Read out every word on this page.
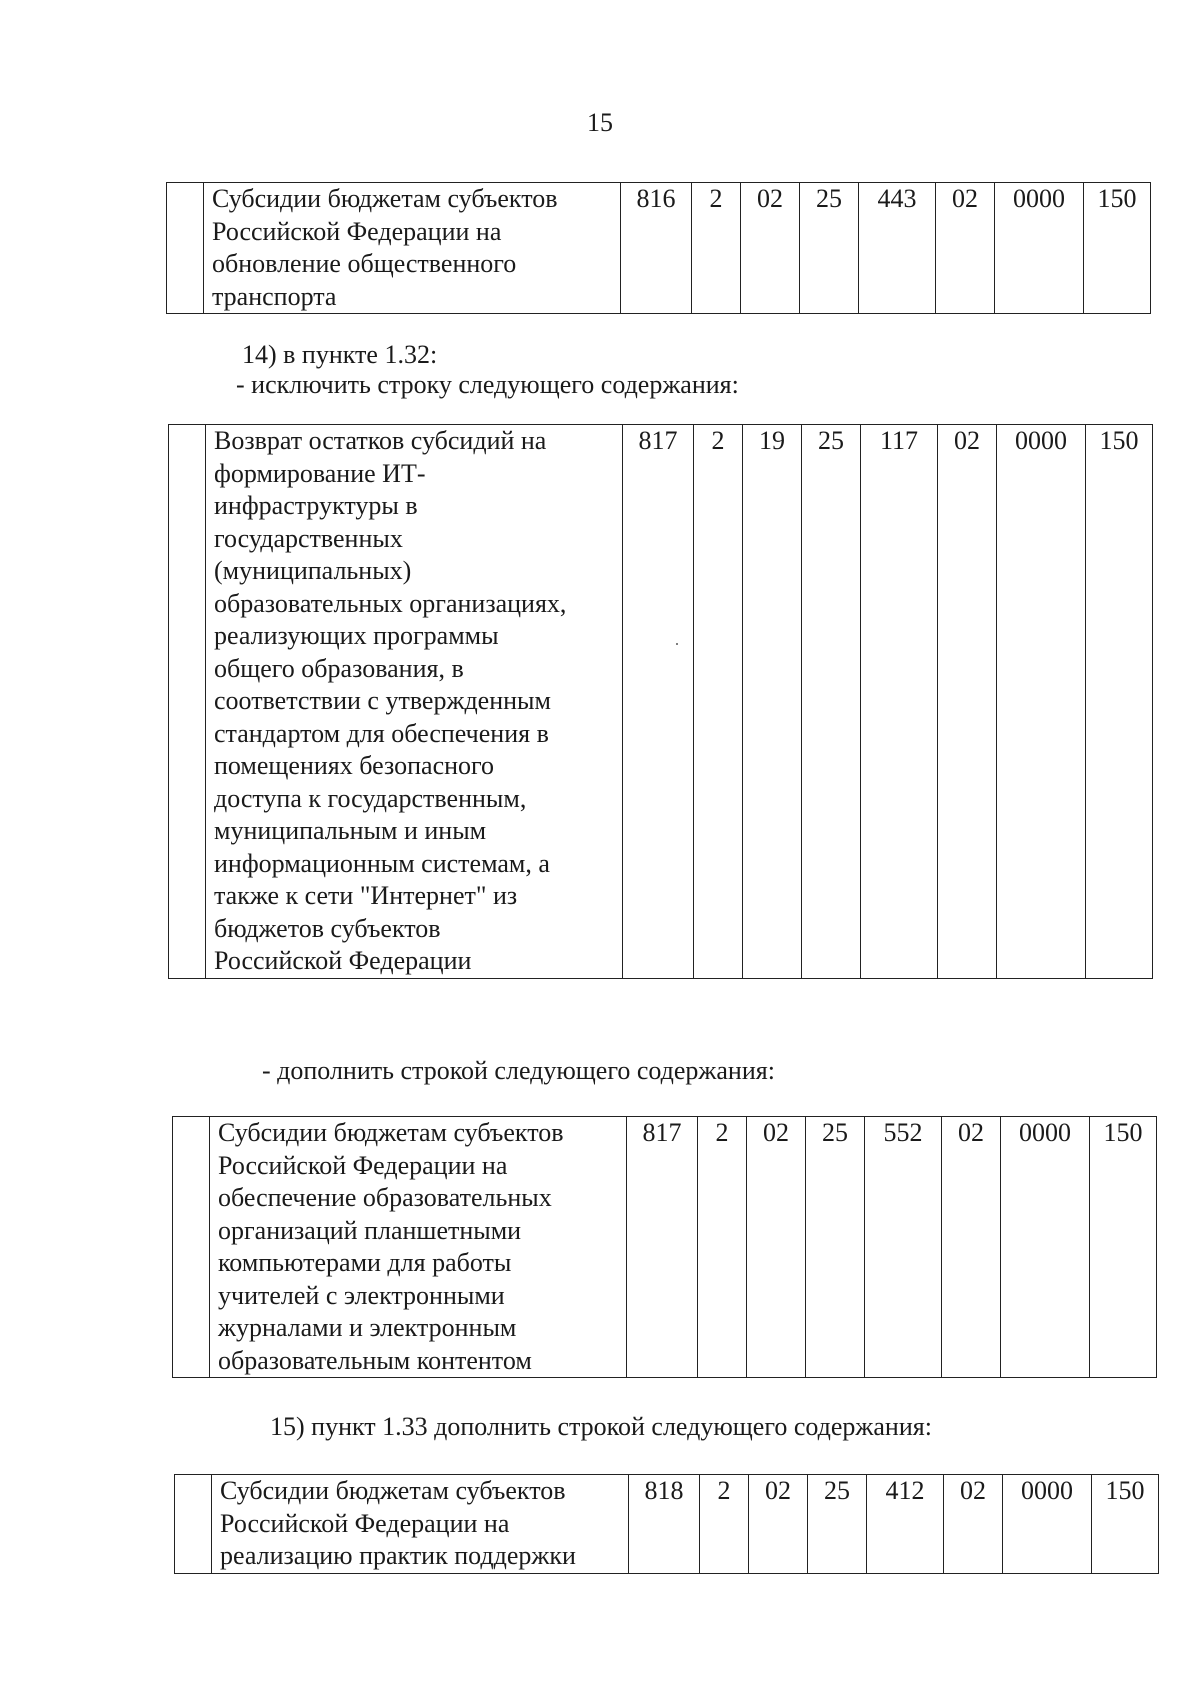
15

Субсидии бюджетам субъектов
Российской Федерации на
обновление общественного
транспорта
	816	2	02	25	443	02	0000	150
14) в пункте 1.32:
- исключить строку следующего содержания:

Возврат остатков субсидий на
формирование ИТ-
инфраструктуры в
государственных
(муниципальных)
образовательных организациях,
реализующих программы
общего образования, в
соответствии с утвержденным
стандартом для обеспечения в
помещениях безопасного
доступа к государственным,
муниципальным и иным
информационным системам, а
также к сети "Интернет" из
бюджетов субъектов
Российской Федерации
	817	2	19	25	117	02	0000	150
- дополнить строкой следующего содержания:

Субсидии бюджетам субъектов
Российской Федерации на
обеспечение образовательных
организаций планшетными
компьютерами для работы
учителей с электронными
журналами и электронным
образовательным контентом
	817	2	02	25	552	02	0000	150
15) пункт 1.33 дополнить строкой следующего содержания:

Субсидии бюджетам субъектов
Российской Федерации на
реализацию практик поддержки
	818	2	02	25	412	02	0000	150
